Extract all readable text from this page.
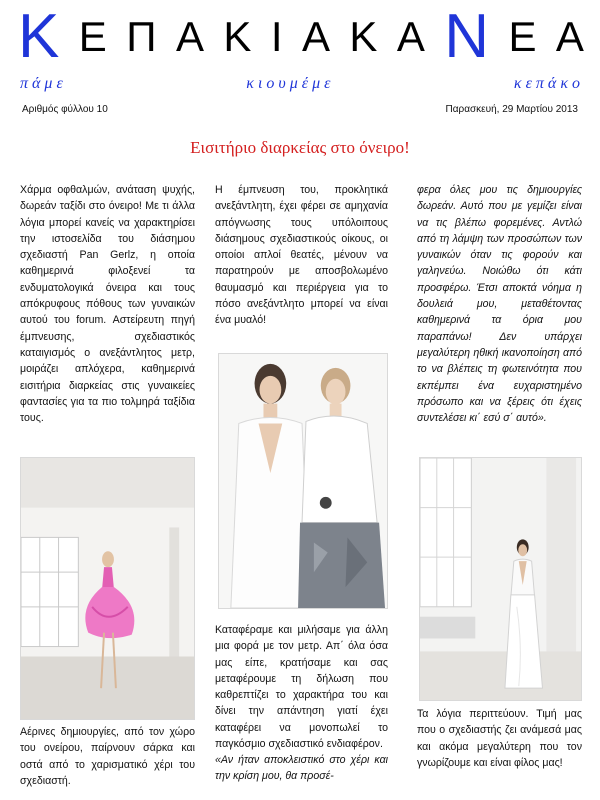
Κ Ε Π Α Κ Ι Α Κ Α Ν Ε Α
π ά μ ε	κ ι ο υ μ έ μ ε	κ ε π ά κ ο
Αριθμός φύλλου 10	Παρασκευή, 29 Μαρτίου 2013
Εισιτήριο διαρκείας στο όνειρο!

Χάρμα οφθαλμών, ανάταση ψυχής, δωρεάν ταξίδι στο όνειρο! Με τι άλλα λόγια μπορεί κανείς να χαρακτηρίσει την ιστοσελίδα του διάσημου σχεδιαστή Pan Gerlz, η οποία καθημερινά φιλοξενεί τα ενδυματολογικά όνειρα και τους απόκρυφους πόθους των γυναικών αυτού του forum. Αστείρευτη πηγή έμπνευσης, σχεδιαστικός καταιγισμός ο ανεξάντλητος μετρ, μοιράζει απλόχερα, καθημερινά εισιτήρια διαρκείας στις γυναικείες φαντασίες για τα πιο τολμηρά ταξίδια τους.

Αέρινες δημιουργίες, από τον χώρο του ονείρου, παίρνουν σάρκα και οστά από το χαρισματικό χέρι του σχεδιαστή.

Η έμπνευση του, προκλητικά ανεξάντλητη, έχει φέρει σε αμηχανία απόγνωσης τους υπόλοιπους διάσημους σχεδιαστικούς οίκους, οι οποίοι απλοί θεατές, μένουν να παρατηρούν με αποσβολωμένο θαυμασμό και περιέργεια για το πόσο ανεξάντλητο μπορεί να είναι ένα μυαλό!

Καταφέραμε και μιλήσαμε για άλλη μια φορά με τον μετρ. Απ΄ όλα όσα μας είπε, κρατήσαμε και σας μεταφέρουμε τη δήλωση που καθρεπτίζει το χαρακτήρα του και δίνει την απάντηση γιατί έχει καταφέρει να μονοπωλεί το παγκόσμιο σχεδιαστικό ενδιαφέρον.

«Αν ήταν αποκλειστικό στο χέρι και την κρίση μου, θα προσέ-

φερα όλες μου τις δημιουργίες δωρεάν. Αυτό που με γεμίζει είναι να τις βλέπω φορεμένες. Αντλώ από τη λάμψη των προσώπων των γυναικών όταν τις φορούν και γαληνεύω. Νοιώθω ότι κάτι προσφέρω. Έτσι αποκτά νόημα η δουλειά μου, μεταθέτοντας καθημερινά τα όρια μου παραπάνω! Δεν υπάρχει μεγαλύτερη ηθική ικανοποίηση από το να βλέπεις τη φωτεινότητα που εκπέμπει ένα ευχαριστημένο πρόσωπο και να ξέρεις ότι έχεις συντελέσει κι΄ εσύ σ΄ αυτό».

Τα λόγια περιττεύουν. Τιμή μας που ο σχεδιαστής ζει ανάμεσά μας και ακόμα μεγαλύτερη που τον γνωρίζουμε και είναι φίλος μας!
